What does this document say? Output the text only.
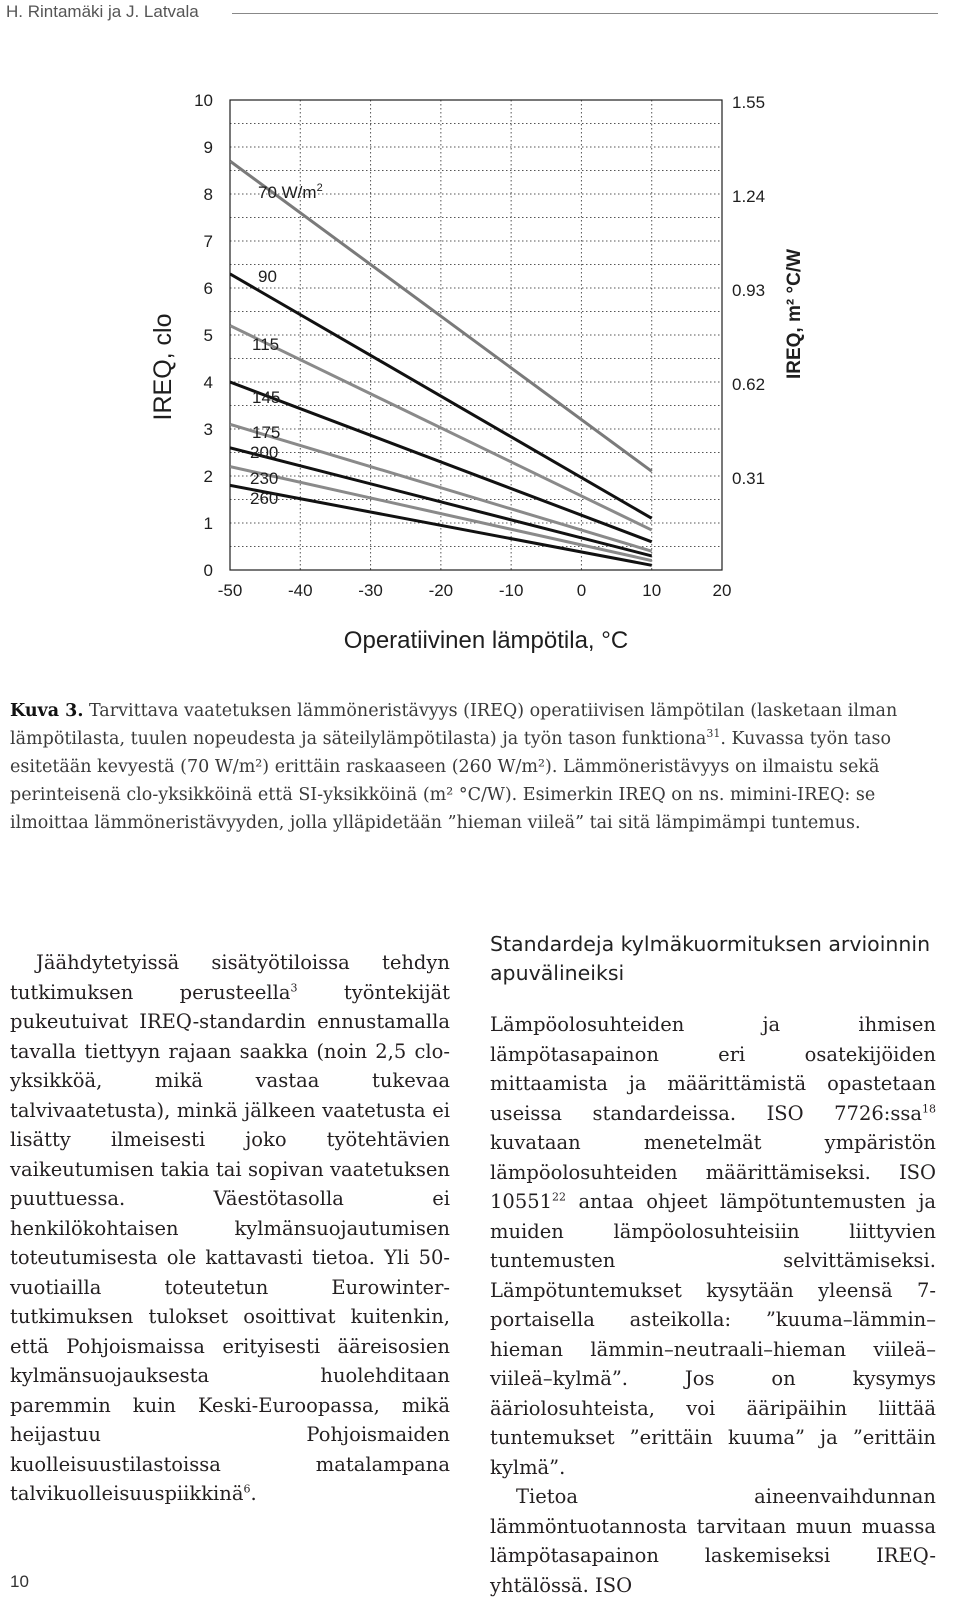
H. Rintamäki ja J. Latvala
70 $W/m^2$
90
115
145
175
200
230
260
0
1
2
3
4
5
6
7
8
9
10	1.55
1.24
0.93
0.62
0.31
-50	-40	-30	-20	-10	0	10	20
IREQ, clo	IREQ, m² °C/W
Operatiivinen lämpötila, °C
Kuva 3. Tarvittava vaatetuksen lämmöneristävyys (IREQ) operatiivisen lämpötilan (lasketaan ilman lämpötilasta, tuulen nopeudesta ja säteilylämpötilasta) ja työn tason funktiona$^{31}$. Kuvassa työn taso esitetään kevyestä (70 W/m²) erittäin raskaaseen (260 W/m²). Lämmöneristävyys on ilmaistu sekä perinteisenä clo-yksikköinä että SI-yksikköinä (m² °C/W). Esimerkin IREQ on ns. mimini-IREQ: se ilmoittaa lämmöneristävyyden, jolla ylläpidetään ”hieman viileä” tai sitä lämpimämpi tuntemus.
Jäähdytetyissä sisätyötiloissa tehdyn tutkimuksen perusteella$^3$ työntekijät pukeutuivat IREQ-standardin ennustamalla tavalla tiettyyn rajaan saakka (noin 2,5 clo-yksikköä, mikä vastaa tukevaa talvivaatetusta), minkä jälkeen vaatetusta ei lisätty ilmeisesti joko työtehtävien vaikeutumisen takia tai sopivan vaatetuksen puuttuessa. Väestötasolla ei henkilökohtaisen kylmänsuojautumisen toteutumisesta ole kattavasti tietoa. Yli 50-vuotiailla toteutetun Eurowinter-tutkimuksen tulokset osoittivat kuitenkin, että Pohjoismaissa erityisesti ääreisosien kylmänsuojauksesta huolehditaan paremmin kuin Keski-Euroopassa, mikä heijastuu Pohjoismaiden kuolleisuustilastoissa matalampana talvikuolleisuuspiikkinä$^6$.
Standardeja kylmäkuormituksen arvioinnin apuvälineiksi

Lämpöolosuhteiden ja ihmisen lämpötasapainon eri osatekijöiden mittaamista ja määrittämistä opastetaan useissa standardeissa. ISO 7726:ssa$^{18}$ kuvataan menetelmät ympäristön lämpöolosuhteiden määrittämiseksi. ISO 10551$^{22}$ antaa ohjeet lämpötuntemusten ja muiden lämpöolosuhteisiin liittyvien tuntemusten selvittämiseksi. Lämpötuntemukset kysytään yleensä 7-portaisella asteikolla: ”kuuma–lämmin–hieman lämmin–neutraali–hieman viileä–viileä–kylmä”. Jos on kysymys ääriolosuhteista, voi ääripäihin liittää tuntemukset ”erittäin kuuma” ja ”erittäin kylmä”.

Tietoa aineenvaihdunnan lämmöntuotannosta tarvitaan muun muassa lämpötasapainon laskemiseksi IREQ-yhtälössä. ISO

10
